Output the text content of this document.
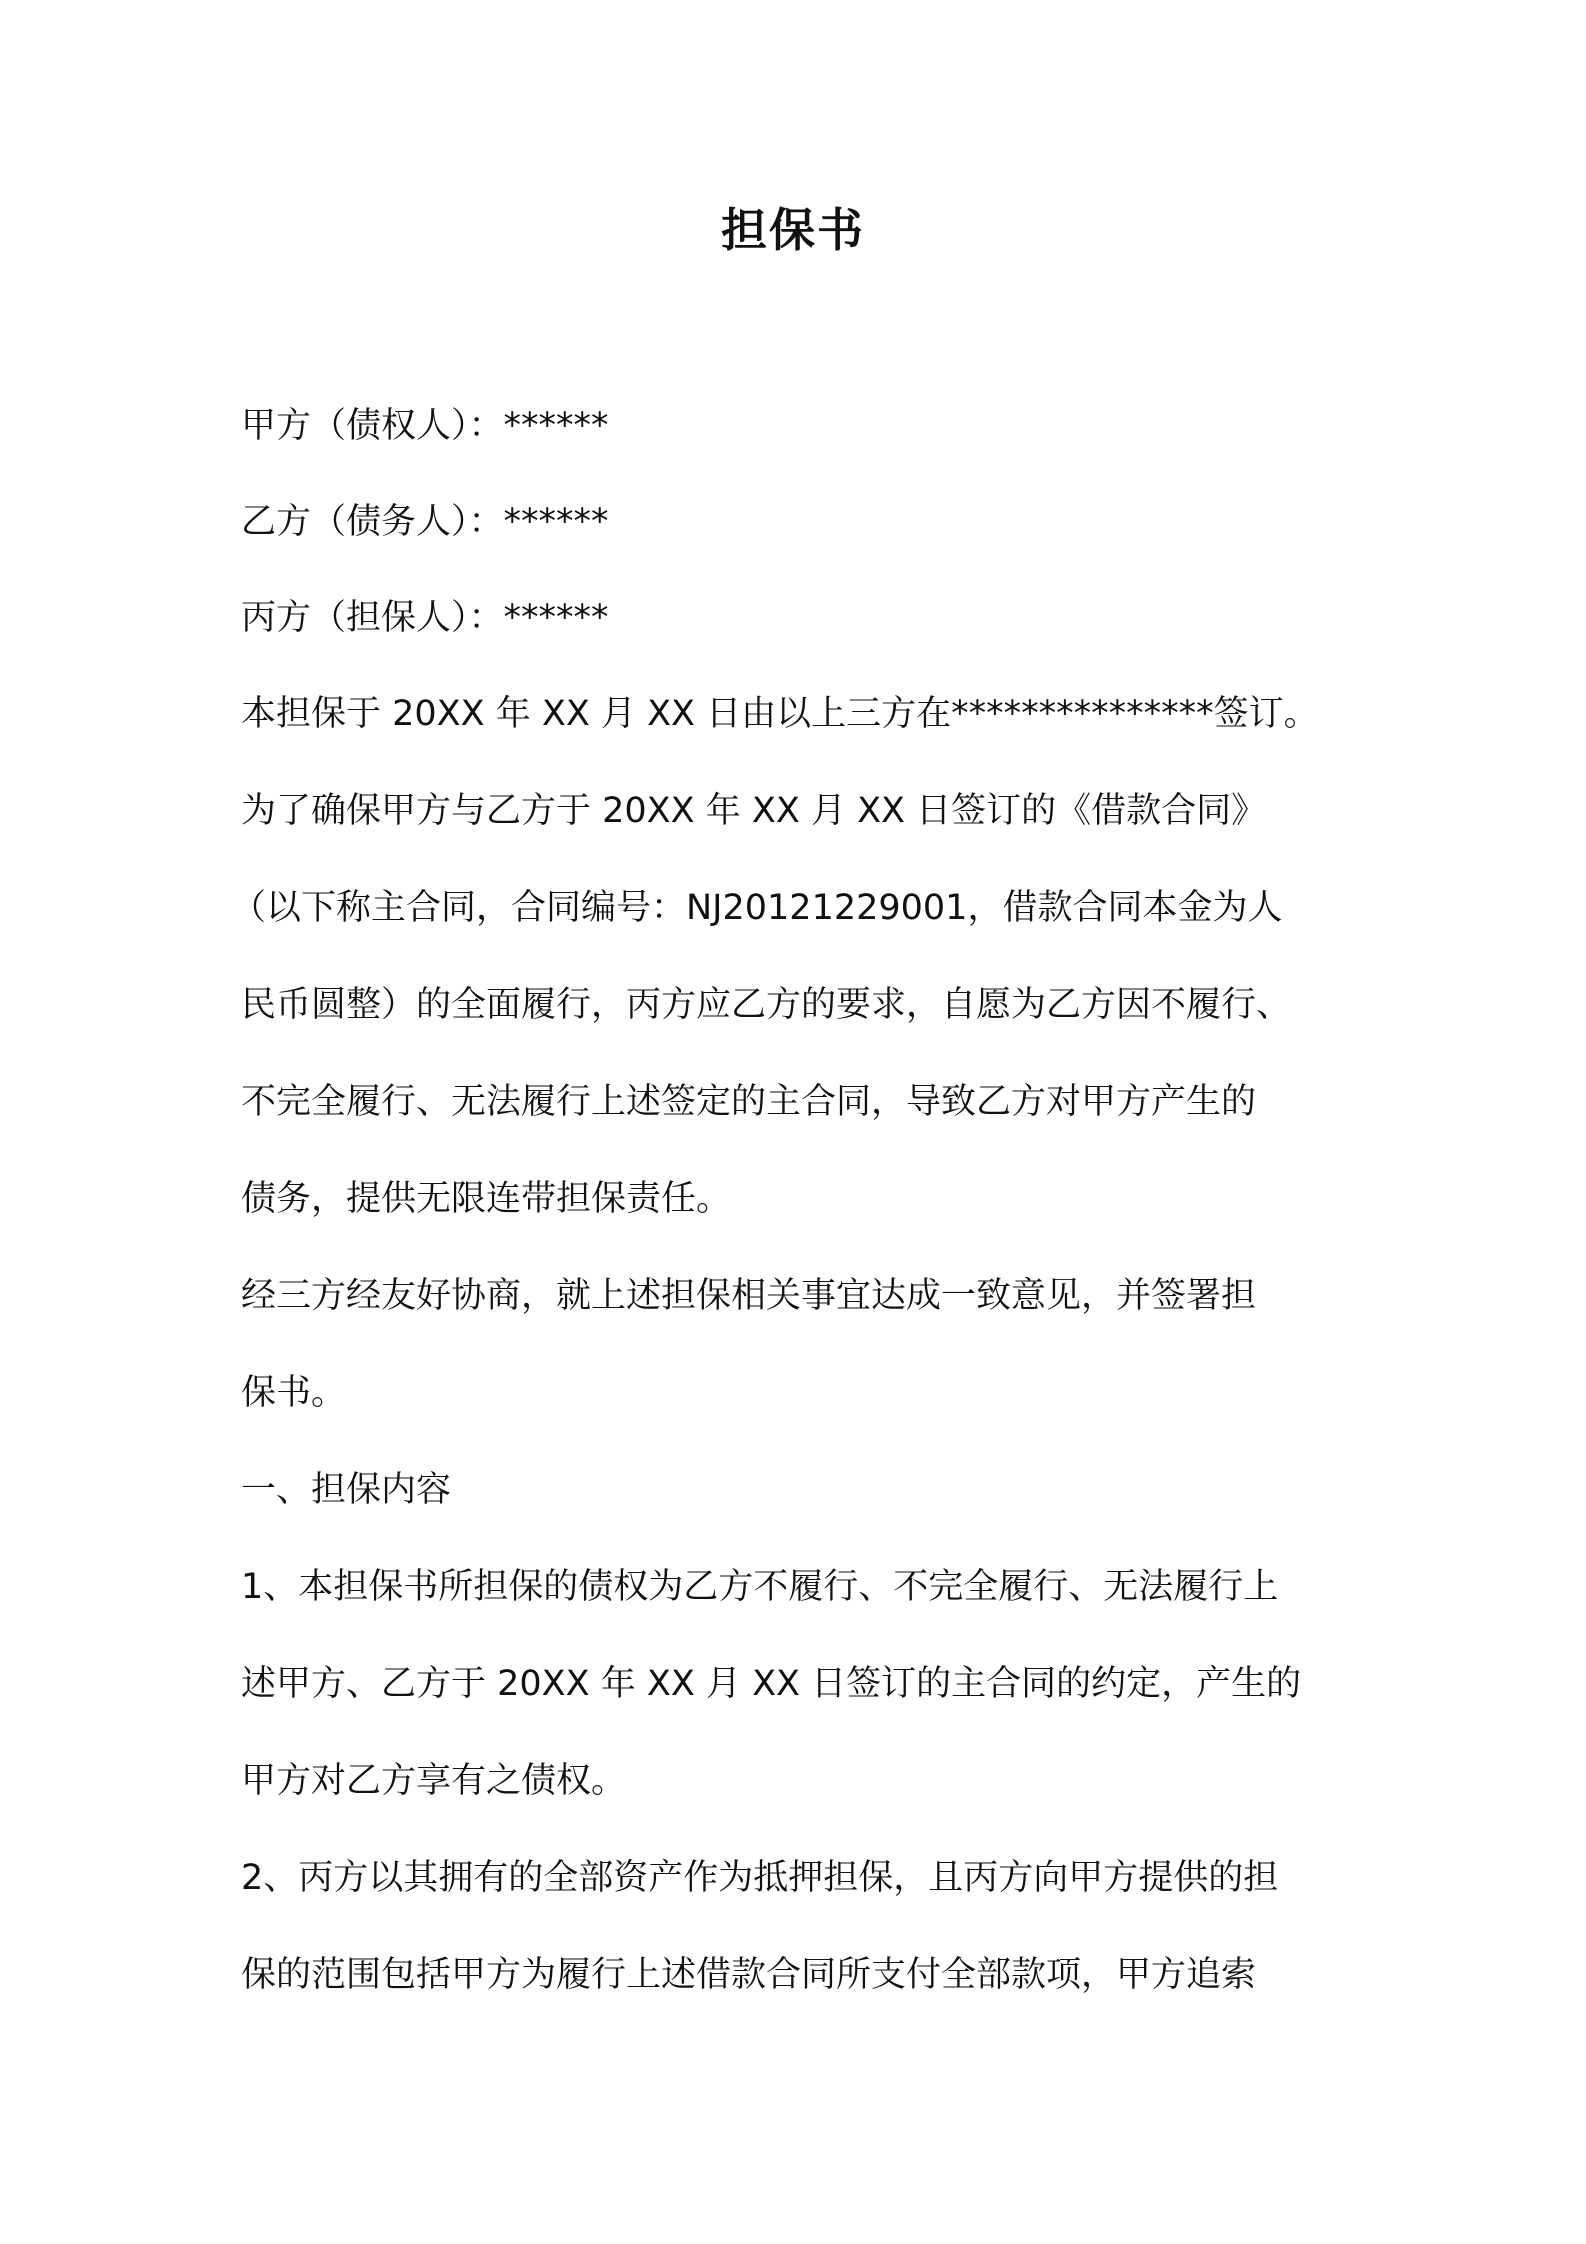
担保书
甲方（债权人）：******
乙方（债务人）：******
丙方（担保人）：******
本担保于 20XX 年 XX 月 XX 日由以上三方在***************签订。
为了确保甲方与乙方于 20XX 年 XX 月 XX 日签订的《借款合同》
（以下称主合同，合同编号：NJ20121229001，借款合同本金为人
民币圆整）的全面履行，丙方应乙方的要求，自愿为乙方因不履行、
不完全履行、无法履行上述签定的主合同，导致乙方对甲方产生的
债务，提供无限连带担保责任。
经三方经友好协商，就上述担保相关事宜达成一致意见，并签署担
保书。
一、担保内容
1、本担保书所担保的债权为乙方不履行、不完全履行、无法履行上
述甲方、乙方于 20XX 年 XX 月 XX 日签订的主合同的约定，产生的
甲方对乙方享有之债权。
2、丙方以其拥有的全部资产作为抵押担保，且丙方向甲方提供的担
保的范围包括甲方为履行上述借款合同所支付全部款项，甲方追索
